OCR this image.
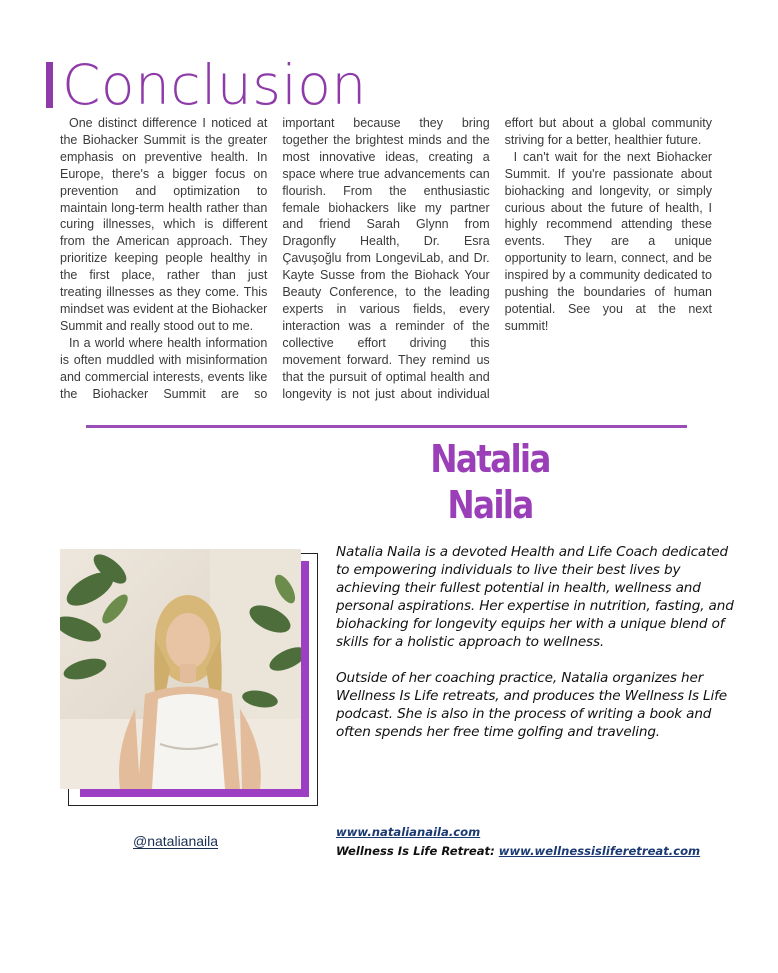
Conclusion

One distinct difference I noticed at the Biohacker Summit is the greater emphasis on preventive health. In Europe, there's a bigger focus on prevention and optimization to maintain long-term health rather than curing illnesses, which is different from the American approach. They prioritize keeping people healthy in the first place, rather than just treating illnesses as they come. This mindset was evident at the Biohacker Summit and really stood out to me.

In a world where health information is often muddled with misinformation and commercial interests, events like the Biohacker Summit are so important because they bring together the brightest minds and the most innovative ideas, creating a space where true advancements can flourish. From the enthusiastic female biohackers like my partner and friend Sarah Glynn from Dragonfly Health, Dr. Esra Çavuşoğlu from LongeviLab, and Dr. Kayte Susse from the Biohack Your Beauty Conference, to the leading experts in various fields, every interaction was a reminder of the collective effort driving this movement forward. They remind us that the pursuit of optimal health and longevity is not just about individual effort but about a global community striving for a better, healthier future.

I can't wait for the next Biohacker Summit. If you're passionate about biohacking and longevity, or simply curious about the future of health, I highly recommend attending these events. They are a unique opportunity to learn, connect, and be inspired by a community dedicated to pushing the boundaries of human potential. See you at the next summit!

Natalia
Naila

Natalia Naila is a devoted Health and Life Coach dedicated to empowering individuals to live their best lives by achieving their fullest potential in health, wellness and personal aspirations. Her expertise in nutrition, fasting, and biohacking for longevity equips her with a unique blend of skills for a holistic approach to wellness.

Outside of her coaching practice, Natalia organizes her Wellness Is Life retreats, and produces the Wellness Is Life podcast. She is also in the process of writing a book and often spends her free time golfing and traveling.

@natalianaila
www.natalianaila.com
Wellness Is Life Retreat: www.wellnessisliferetreat.com
